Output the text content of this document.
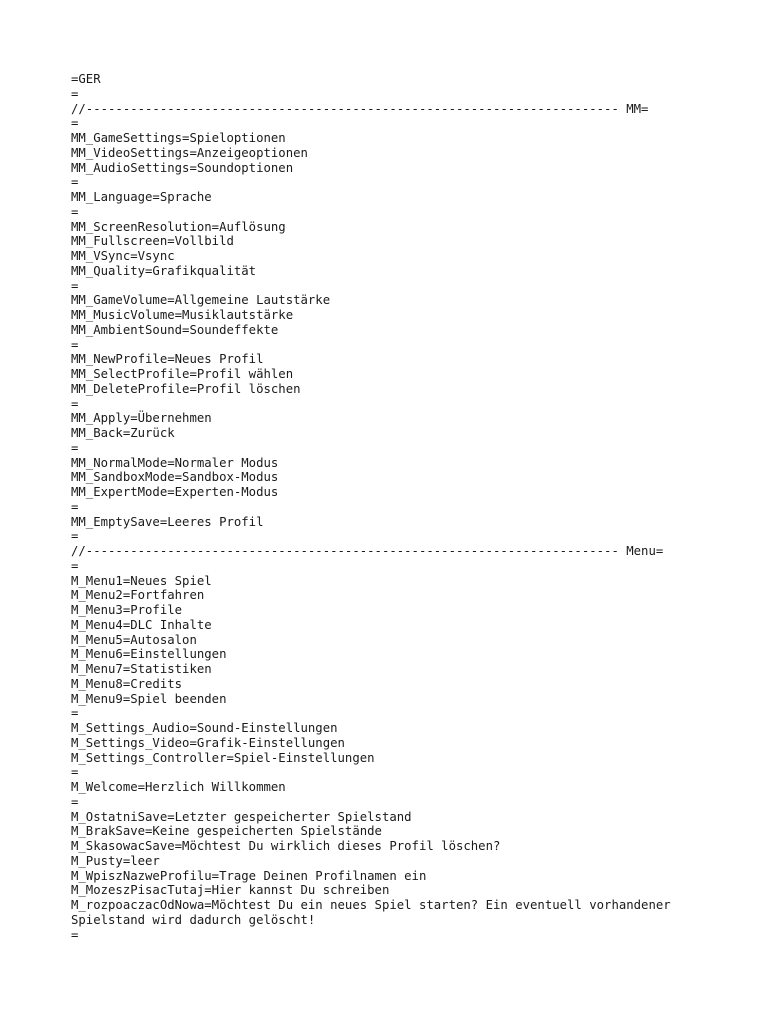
=GER
=
//------------------------------------------------------------------------ MM=
=
MM_GameSettings=Spieloptionen
MM_VideoSettings=Anzeigeoptionen
MM_AudioSettings=Soundoptionen
=
MM_Language=Sprache
=
MM_ScreenResolution=Auflösung
MM_Fullscreen=Vollbild
MM_VSync=Vsync
MM_Quality=Grafikqualität
=
MM_GameVolume=Allgemeine Lautstärke
MM_MusicVolume=Musiklautstärke
MM_AmbientSound=Soundeffekte
=
MM_NewProfile=Neues Profil
MM_SelectProfile=Profil wählen
MM_DeleteProfile=Profil löschen
=
MM_Apply=Übernehmen
MM_Back=Zurück
=
MM_NormalMode=Normaler Modus
MM_SandboxMode=Sandbox-Modus
MM_ExpertMode=Experten-Modus
=
MM_EmptySave=Leeres Profil
=
//------------------------------------------------------------------------ Menu=
=
M_Menu1=Neues Spiel
M_Menu2=Fortfahren
M_Menu3=Profile
M_Menu4=DLC Inhalte
M_Menu5=Autosalon
M_Menu6=Einstellungen
M_Menu7=Statistiken
M_Menu8=Credits
M_Menu9=Spiel beenden
=
M_Settings_Audio=Sound-Einstellungen
M_Settings_Video=Grafik-Einstellungen
M_Settings_Controller=Spiel-Einstellungen
=
M_Welcome=Herzlich Willkommen
=
M_OstatniSave=Letzter gespeicherter Spielstand
M_BrakSave=Keine gespeicherten Spielstände
M_SkasowacSave=Möchtest Du wirklich dieses Profil löschen?
M_Pusty=leer
M_WpiszNazweProfilu=Trage Deinen Profilnamen ein
M_MozeszPisacTutaj=Hier kannst Du schreiben
M_rozpoaczacOdNowa=Möchtest Du ein neues Spiel starten? Ein eventuell vorhandener
Spielstand wird dadurch gelöscht!
=
